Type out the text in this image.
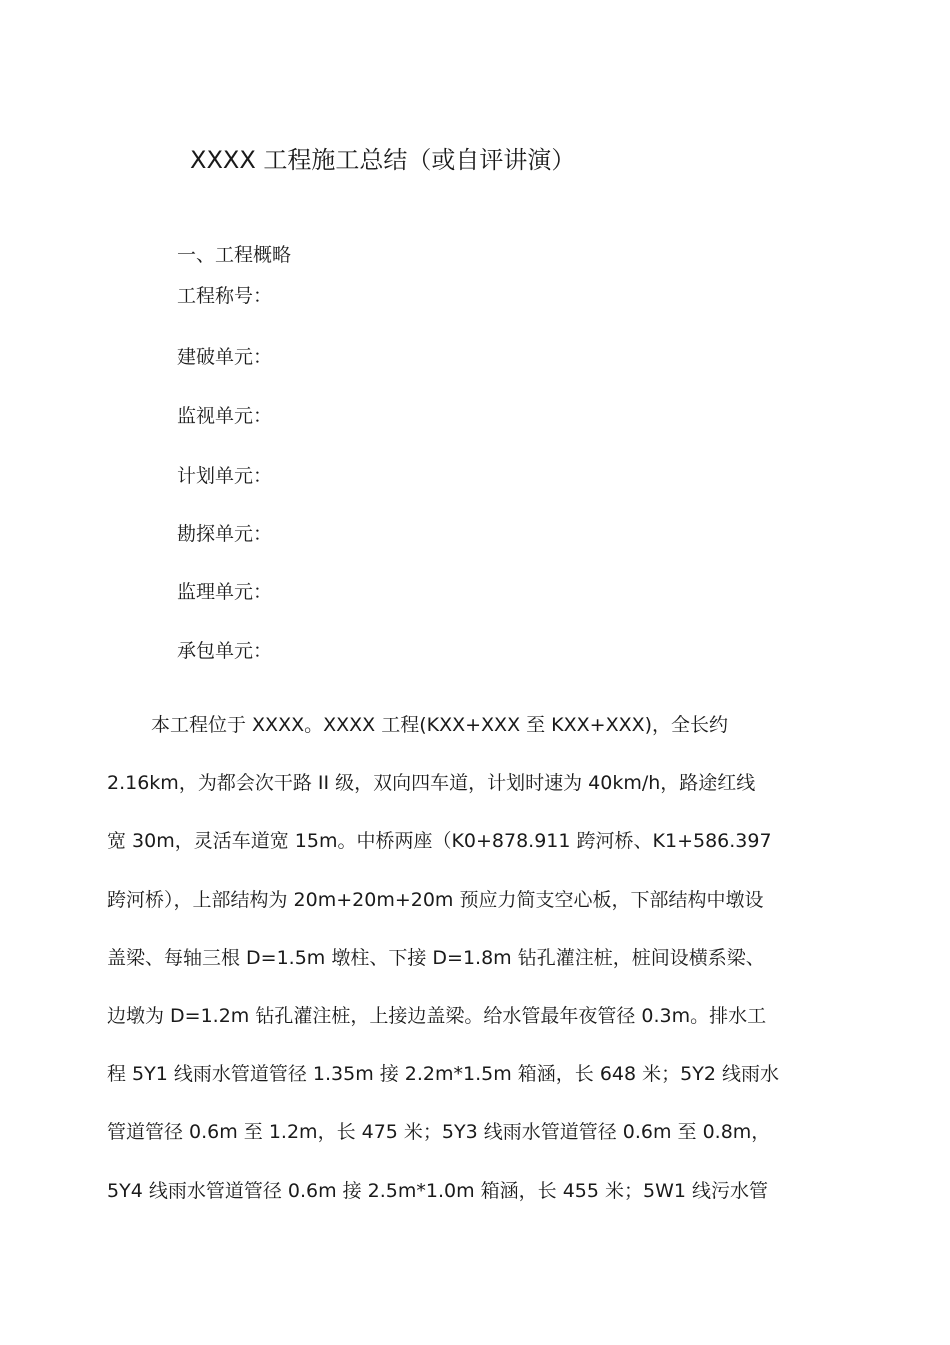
XXXX 工程施工总结（或自评讲演）
一、工程概略
工程称号：
建破单元：
监视单元：
计划单元：
勘探单元：
监理单元：
承包单元：
本工程位于 XXXX。XXXX 工程(KXX+XXX 至 KXX+XXX)，全长约
2.16km，为都会次干路 II 级，双向四车道，计划时速为 40km/h，路途红线
宽 30m，灵活车道宽 15m。中桥两座（K0+878.911 跨河桥、K1+586.397
跨河桥），上部结构为 20m+20m+20m 预应力简支空心板，下部结构中墩设
盖梁、每轴三根 D=1.5m 墩柱、下接 D=1.8m 钻孔灌注桩，桩间设横系梁、
边墩为 D=1.2m 钻孔灌注桩，上接边盖梁。给水管最年夜管径 0.3m。排水工
程 5Y1 线雨水管道管径 1.35m 接 2.2m*1.5m 箱涵，长 648 米；5Y2 线雨水
管道管径 0.6m 至 1.2m，长 475 米；5Y3 线雨水管道管径 0.6m 至 0.8m，
5Y4 线雨水管道管径 0.6m 接 2.5m*1.0m 箱涵，长 455 米；5W1 线污水管
